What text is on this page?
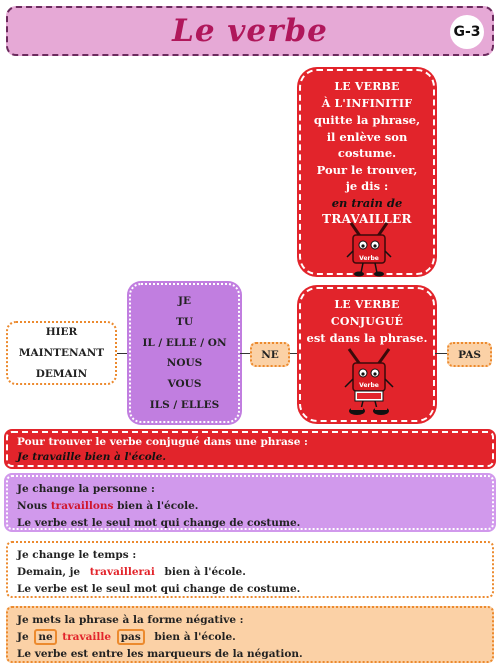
Le verbe	G-3
LE VERBE
À L'INFINITIF
quitte la phrase,
il enlève son
costume.
Pour le trouver,
je dis :
en train de
TRAVAILLER
Verbe
HIER
MAINTENANT
DEMAIN
JE
TU
IL / ELLE / ON
NOUS
VOUS
ILS / ELLES
NE
LE VERBE
CONJUGUÉ
est dans la phrase.
Verbe
PAS
Pour trouver le verbe conjugué dans une phrase :
Je travaille bien à l'école.
Je change la personne :
Nous travaillons bien à l'école.
Le verbe est le seul mot qui change de costume.
Je change le temps :
Demain, je travaillerai bien à l'école.
Le verbe est le seul mot qui change de costume.
Je mets la phrase à la forme négative :
Je ne travaille pas bien à l'école.
Le verbe est entre les marqueurs de la négation.
